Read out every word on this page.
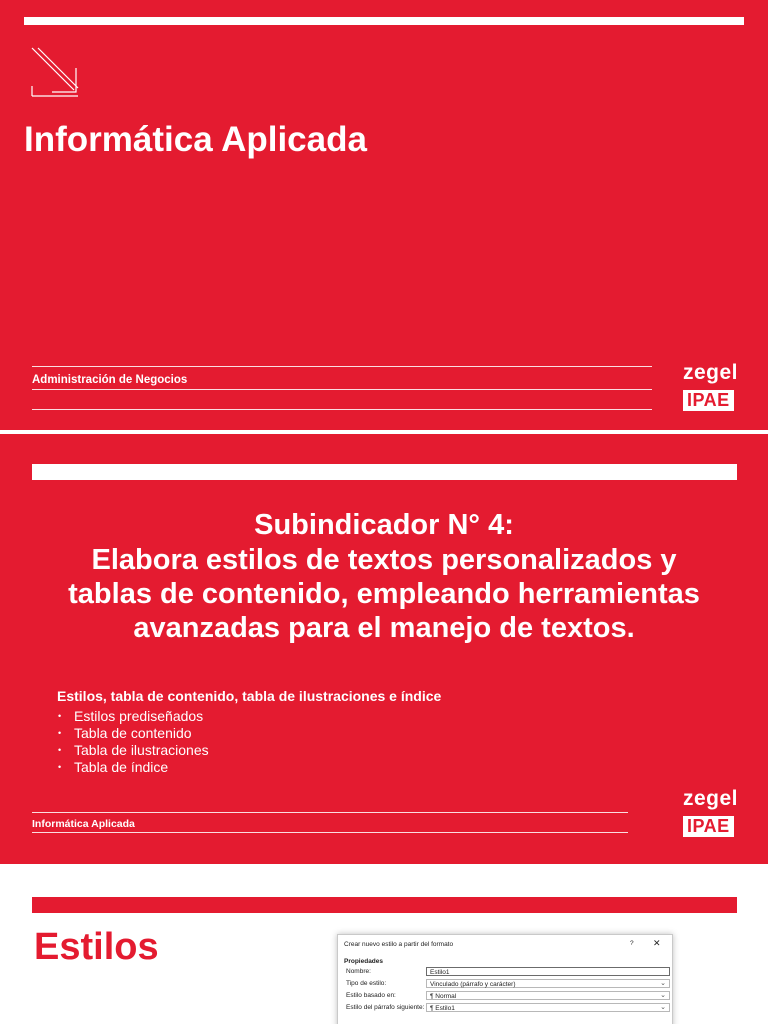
Informática Aplicada
Administración de Negocios	zegel
IPAE
Subindicador N° 4:
Elabora estilos de textos personalizados y
tablas de contenido, empleando herramientas
avanzadas para el manejo de textos.
Estilos, tabla de contenido, tabla de ilustraciones e índice
• Estilos prediseñados
• Tabla de contenido
• Tabla de ilustraciones
• Tabla de índice
Informática Aplicada
zegel
IPAE
Estilos	Crear nuevo estilo a partir del formato	? ✕
Propiedades
Nombre:	Estilo1
Tipo de estilo:	Vinculado (párrafo y carácter)	⌄
Estilo basado en:	¶ Normal	⌄
Estilo del párrafo siguiente: ¶ Estilo1	⌄
